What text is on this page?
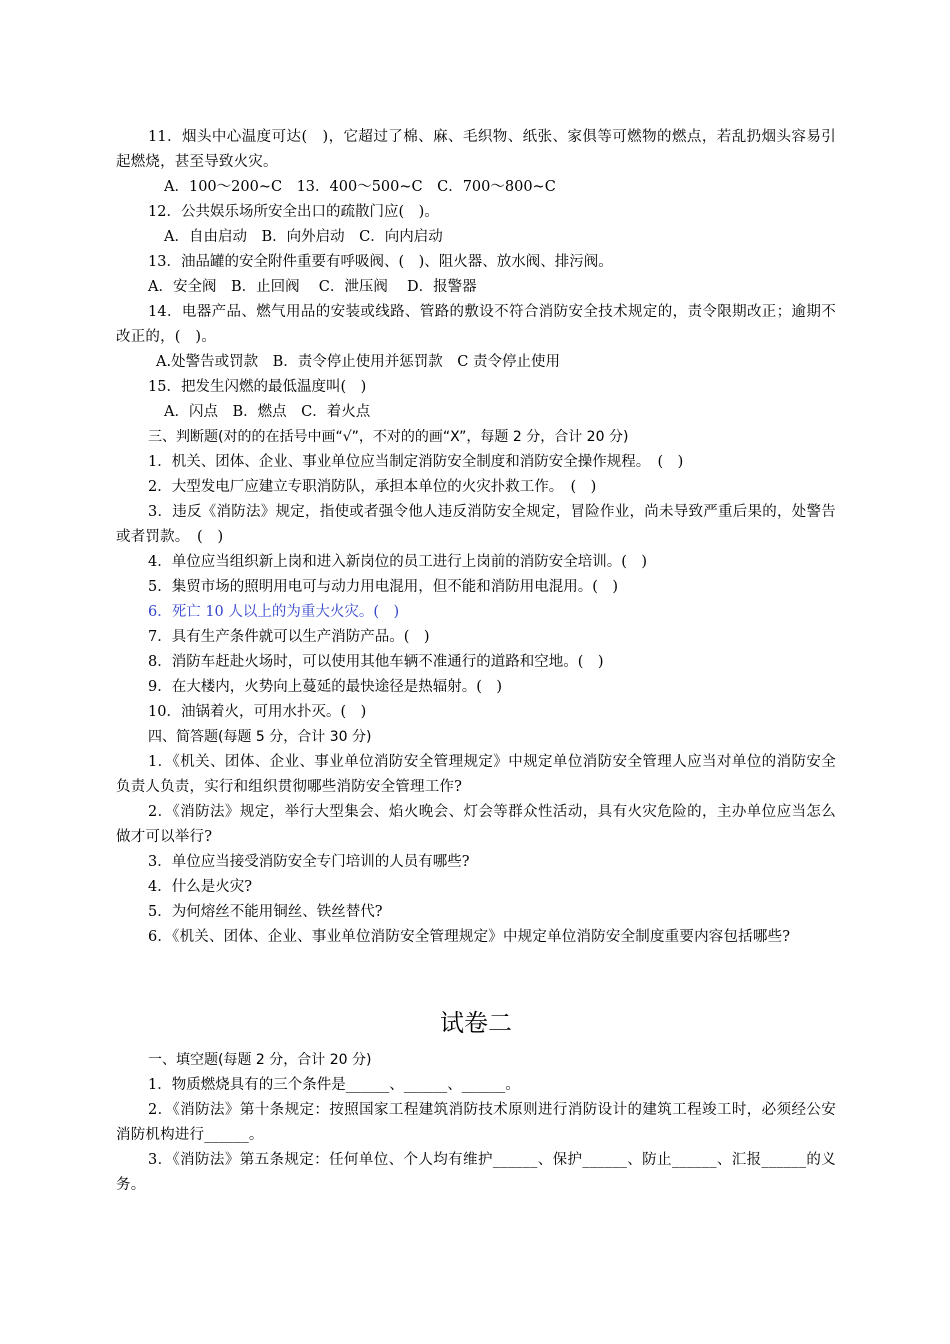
11．烟头中心温度可达(　)，它超过了棉、麻、毛织物、纸张、家俱等可燃物的燃点，若乱扔烟头容易引起燃烧，甚至导致火灾。

A．100～200~C　13．400～500~C　C．700～800~C

12．公共娱乐场所安全出口的疏散门应(　)。

A．自由启动　B．向外启动　C．向内启动

13．油品罐的安全附件重要有呼吸阀、(　)、阻火器、放水阀、排污阀。

A．安全阀　B．止回阀　 C．泄压阀　 D．报警器

14．电器产品、燃气用品的安装或线路、管路的敷设不符合消防安全技术规定的，责令限期改正；逾期不改正的，(　)。

A.处警告或罚款　B．责令停止使用并惩罚款　C 责令停止使用

15．把发生闪燃的最低温度叫(　)

A．闪点　B．燃点　C．着火点

三、判断题(对的的在括号中画“√”，不对的的画“X”，每题 2 分，合计 20 分)

1．机关、团体、企业、事业单位应当制定消防安全制度和消防安全操作规程。　(　)

2．大型发电厂应建立专职消防队，承担本单位的火灾扑救工作。　(　)

3．违反《消防法》规定，指使或者强令他人违反消防安全规定，冒险作业，尚未导致严重后果的，处警告或者罚款。　(　)

4．单位应当组织新上岗和进入新岗位的员工进行上岗前的消防安全培训。(　)

5．集贸市场的照明用电可与动力用电混用，但不能和消防用电混用。(　)

6．死亡 10 人以上的为重大火灾。(　)

7．具有生产条件就可以生产消防产品。(　)

8．消防车赶赴火场时，可以使用其他车辆不准通行的道路和空地。(　)

9．在大楼内，火势向上蔓延的最快途径是热辐射。(　)

10．油锅着火，可用水扑灭。(　)

四、简答题(每题 5 分，合计 30 分)

1．《机关、团体、企业、事业单位消防安全管理规定》中规定单位消防安全管理人应当对单位的消防安全负责人负责，实行和组织贯彻哪些消防安全管理工作?

2．《消防法》规定，举行大型集会、焰火晚会、灯会等群众性活动，具有火灾危险的，主办单位应当怎么做才可以举行?

3．单位应当接受消防安全专门培训的人员有哪些?

4．什么是火灾?

5．为何熔丝不能用铜丝、铁丝替代?

6．《机关、团体、企业、事业单位消防安全管理规定》中规定单位消防安全制度重要内容包括哪些?

试卷二

一、填空题(每题 2 分，合计 20 分)

1．物质燃烧具有的三个条件是______、______、______。

2．《消防法》第十条规定：按照国家工程建筑消防技术原则进行消防设计的建筑工程竣工时，必须经公安消防机构进行______。

3．《消防法》第五条规定：任何单位、个人均有维护______、保护______、防止______、汇报______的义务。
